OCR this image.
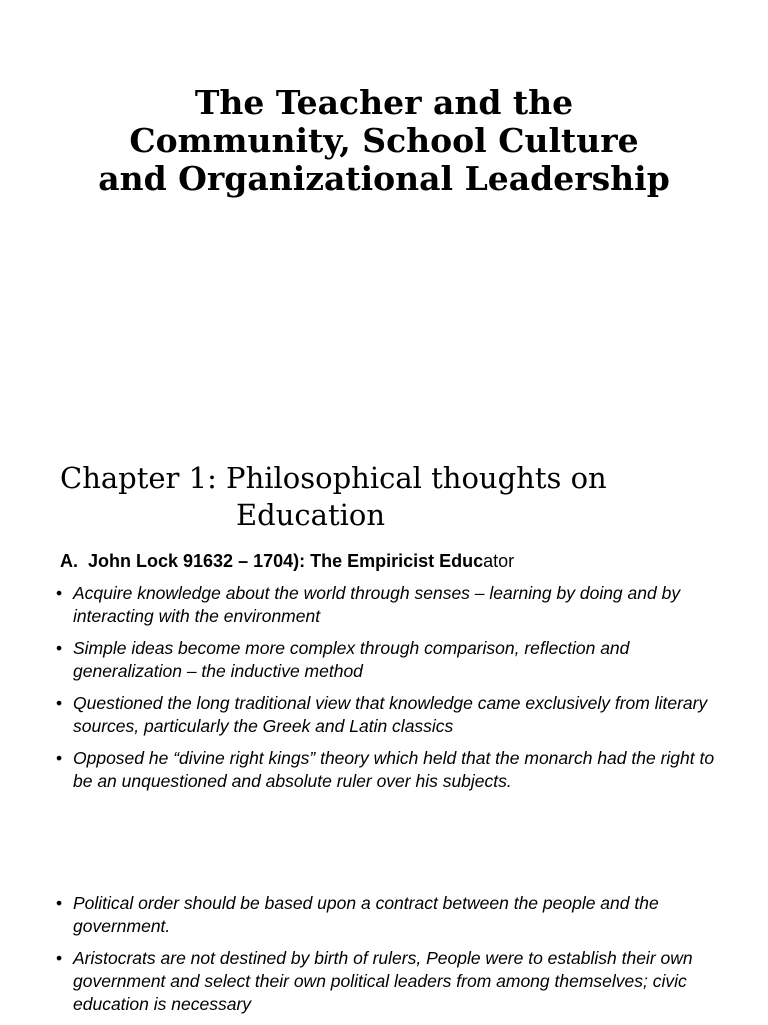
The Teacher and the
Community, School Culture
and Organizational Leadership
Chapter 1: Philosophical thoughts on
Education
A. John Lock 91632 – 1704): The Empiricist Educator
• Acquire knowledge about the world through senses – learning by doing and by interacting with the environment
• Simple ideas become more complex through comparison, reflection and generalization – the inductive method
• Questioned the long traditional view that knowledge came exclusively from literary sources, particularly the Greek and Latin classics
• Opposed he “divine right kings” theory which held that the monarch had the right to be an unquestioned and absolute ruler over his subjects.
• Political order should be based upon a contract between the people and the government.
• Aristocrats are not destined by birth of rulers, People were to establish their own government and select their own political leaders from among themselves; civic education is necessary
